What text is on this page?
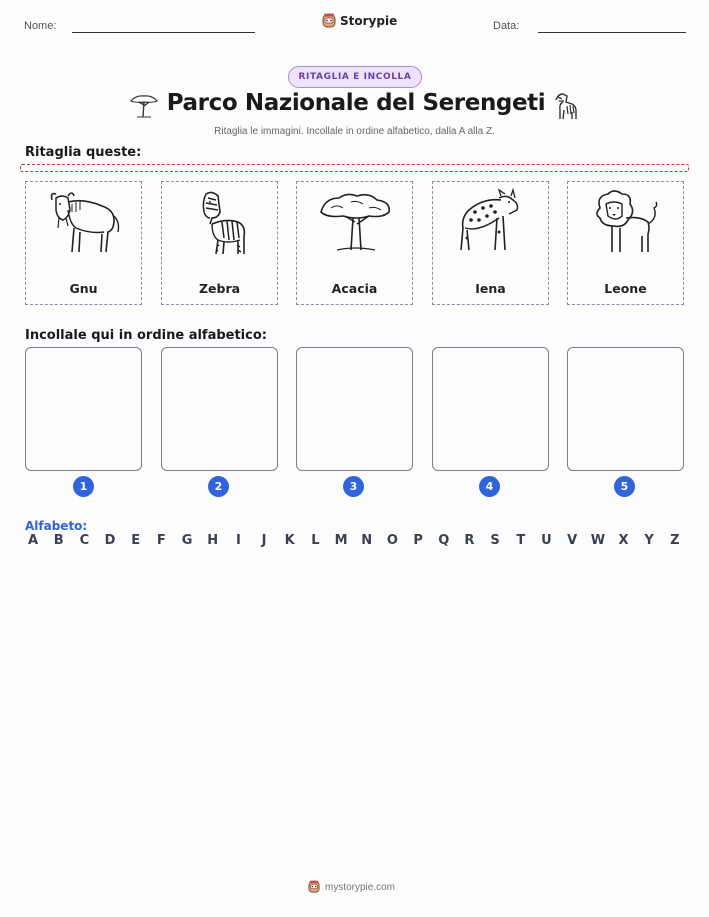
Nome:	Storypie	Data:
RITAGLIA E INCOLLA
Parco Nazionale del Serengeti
Ritaglia le immagini. Incollale in ordine alfabetico, dalla A alla Z.
Ritaglia queste:
Gnu	Zebra	Acacia	Iena	Leone
Incollale qui in ordine alfabetico:
1	2	3	4	5
Alfabeto:
A B C D E F G H	I	J	K L M N O P Q R S T U V W X Y Z
mystorypie.com
